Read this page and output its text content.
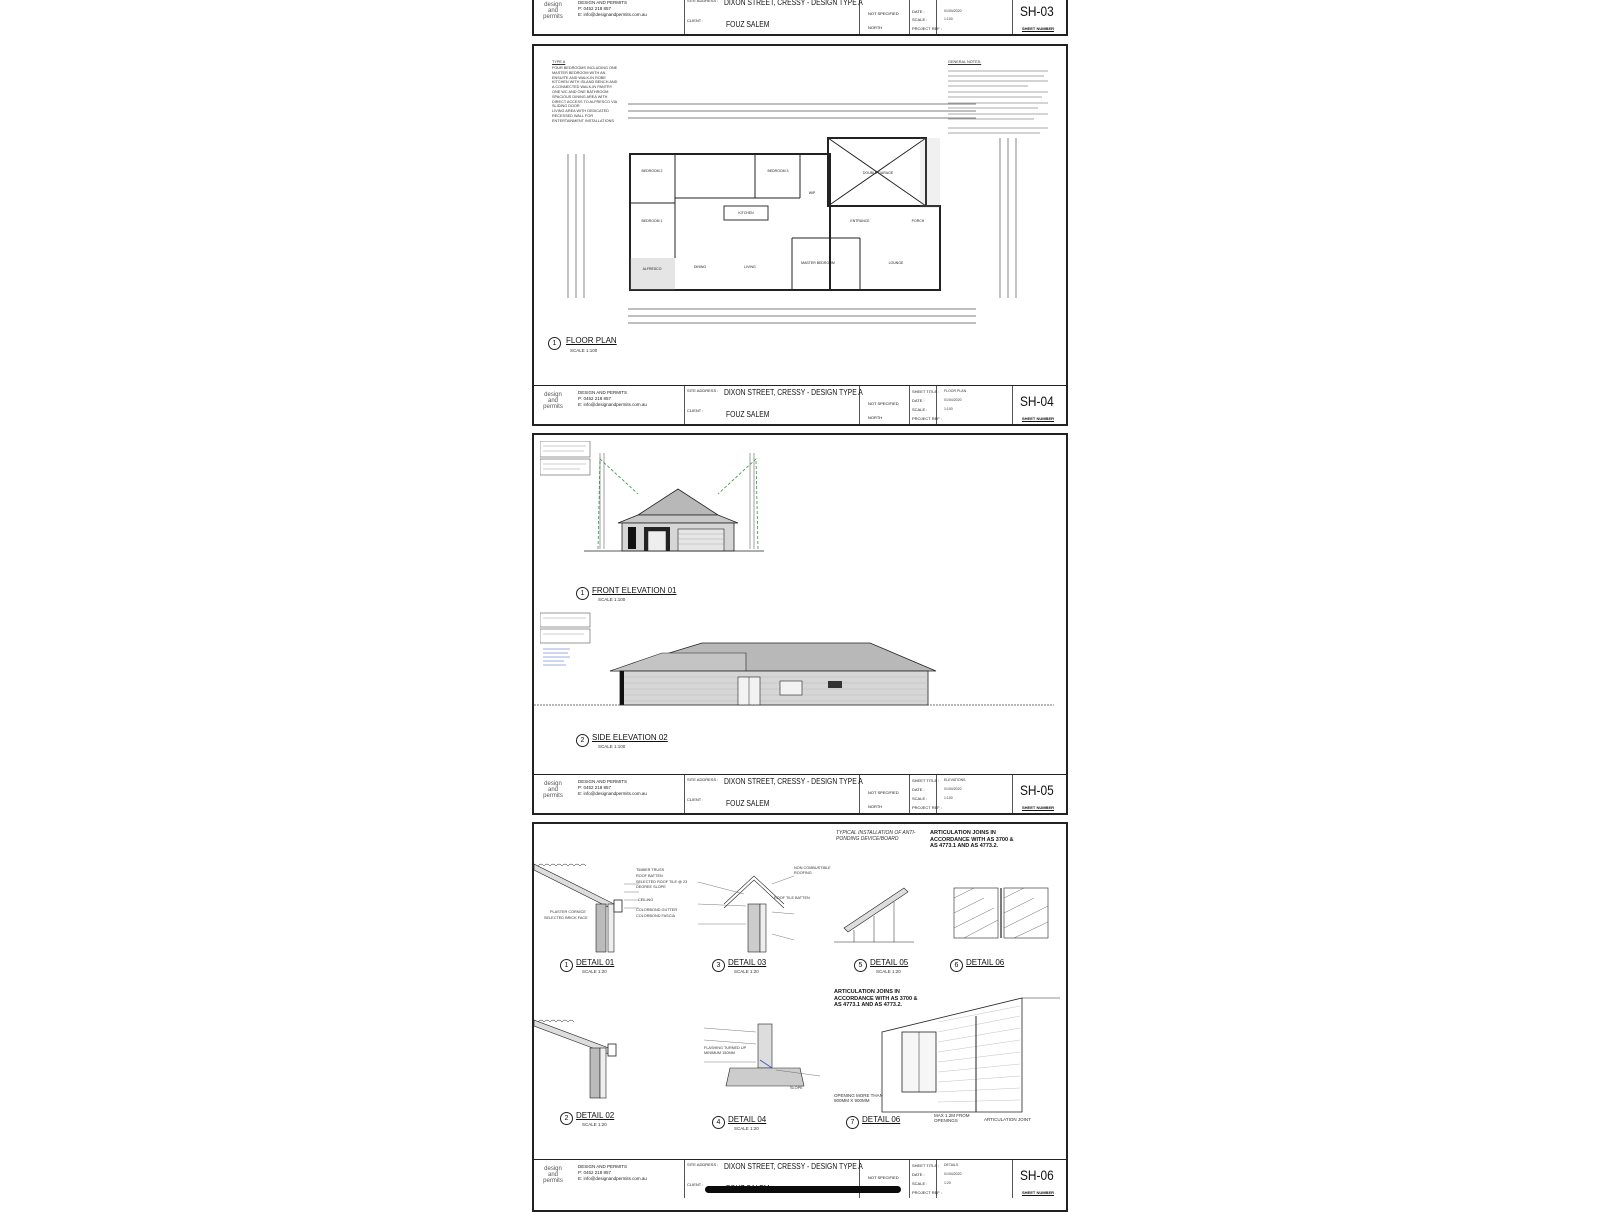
design
and
permits
DESIGN AND PERMITS
P: 0452 218 857
E: info@designandpermits.com.au
SITE ADDRESS : DIXON STREET, CRESSY - DESIGN TYPE A
CLIENT :	FOUZ SALEM
NOT SPECIFIED
NORTH
DATE :	01/04/2020
SCALE :	1:100
PROJECT REF :
SH-03
SHEET NUMBER
TYPE A
FOUR BEDROOMS INCLUDING ONE MASTER BEDROOM WITH AN ENSUITE AND WALK-IN ROBE
KITCHEN WITH ISLAND BENCH AND A CONNECTED WALK-IN PANTRY
ONE WC AND ONE BATHROOM
SPACIOUS DINING AREA WITH DIRECT ACCESS TO ALFRESCO VIA SLIDING DOOR
LIVING AREA WITH DEDICATED RECESSED WALL FOR ENTERTAINMENT INSTALLATIONS
GENERAL NOTES:
BEDROOM 2	BEDROOM 3
BEDROOM 1
WIP
DOUBLE GARAGE
KITCHEN
ENTRANCE
DINING	LIVING
MASTER BEDROOM	LOUNGE
PORCH
ALFRESCO
1	FLOOR PLAN
SCALE 1:100
design
and
permits
DESIGN AND PERMITS
P: 0452 218 857
E: info@designandpermits.com.au
SITE ADDRESS : DIXON STREET, CRESSY - DESIGN TYPE A
CLIENT :	FOUZ SALEM
NOT SPECIFIED
NORTH
SHEET TITLE : FLOOR PLAN
DATE :	01/04/2020
SCALE :	1:100
PROJECT REF :
SH-04
SHEET NUMBER
1 FRONT ELEVATION 01
SCALE 1:100
2 SIDE ELEVATION 02
SCALE 1:100
design
and
permits
DESIGN AND PERMITS
P: 0452 218 857
E: info@designandpermits.com.au
SITE ADDRESS : DIXON STREET, CRESSY - DESIGN TYPE A
CLIENT :	FOUZ SALEM
NOT SPECIFIED
NORTH
SHEET TITLE : ELEVATIONS
DATE :	01/04/2020
SCALE :	1:100
PROJECT REF :
SH-05
SHEET NUMBER
TYPICAL INSTALLATION OF ANTI-PONDING DEVICE/BOARD
ARTICULATION JOINS IN ACCORDANCE WITH AS 3700 & AS 4773.1 AND AS 4773.2.
ARTICULATION JOINS IN ACCORDANCE WITH AS 3700 & AS 4773.1 AND AS 4773.2.
TIMBER TRUSS
ROOF BATTEN
SELECTED ROOF TILE @ 23 DEGREE SLOPE
CEILING
PLASTER CORNICE
SELECTED BRICK FACE
COLORBOND GUTTER
COLORBOND FASCIA
NON COMBUSTIBLE ROOFING
ROOF TILE BATTEN
1 DETAIL 01
SCALE 1:20
3 DETAIL 03
SCALE 1:20
5 DETAIL 05
SCALE 1:20
6 DETAIL 06
FLASHING TURNED UP MINIMUM 150MM
SLOPE
OPENING MORE THAN 900MM X 900MM
MAX 1.2M FROM OPENINGS	ARTICULATION JOINT
2 DETAIL 02
SCALE 1:20	4 DETAIL 04
SCALE 1:20
7 DETAIL 06
design
and
permits
DESIGN AND PERMITS
P: 0452 218 857
E: info@designandpermits.com.au
SITE ADDRESS : DIXON STREET, CRESSY - DESIGN TYPE A
CLIENT :
NOT SPECIFIED
SHEET TITLE : DETAILS
DATE :	01/04/2020
SCALE :	1:20
PROJECT REF :
SH-06
SHEET NUMBER
